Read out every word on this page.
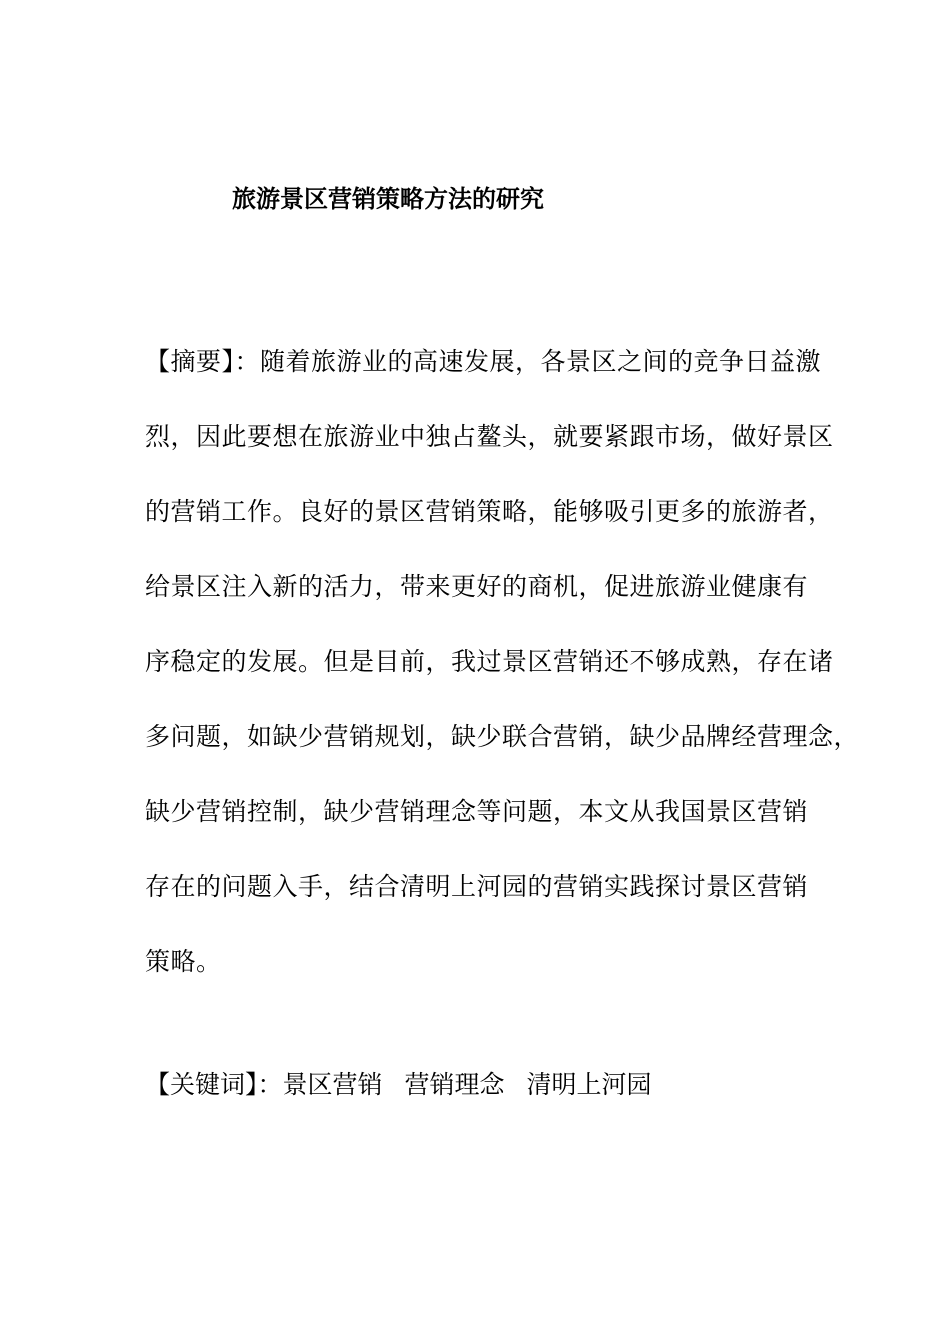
旅游景区营销策略方法的研究
【摘要】：随着旅游业的高速发展，各景区之间的竞争日益激
烈，因此要想在旅游业中独占鳌头，就要紧跟市场，做好景区
的营销工作。良好的景区营销策略，能够吸引更多的旅游者，
给景区注入新的活力，带来更好的商机，促进旅游业健康有
序稳定的发展。但是目前，我过景区营销还不够成熟，存在诸
多问题，如缺少营销规划，缺少联合营销，缺少品牌经营理念，
缺少营销控制，缺少营销理念等问题，本文从我国景区营销
存在的问题入手，结合清明上河园的营销实践探讨景区营销
策略。
【关键词】：景区营销 营销理念 清明上河园
